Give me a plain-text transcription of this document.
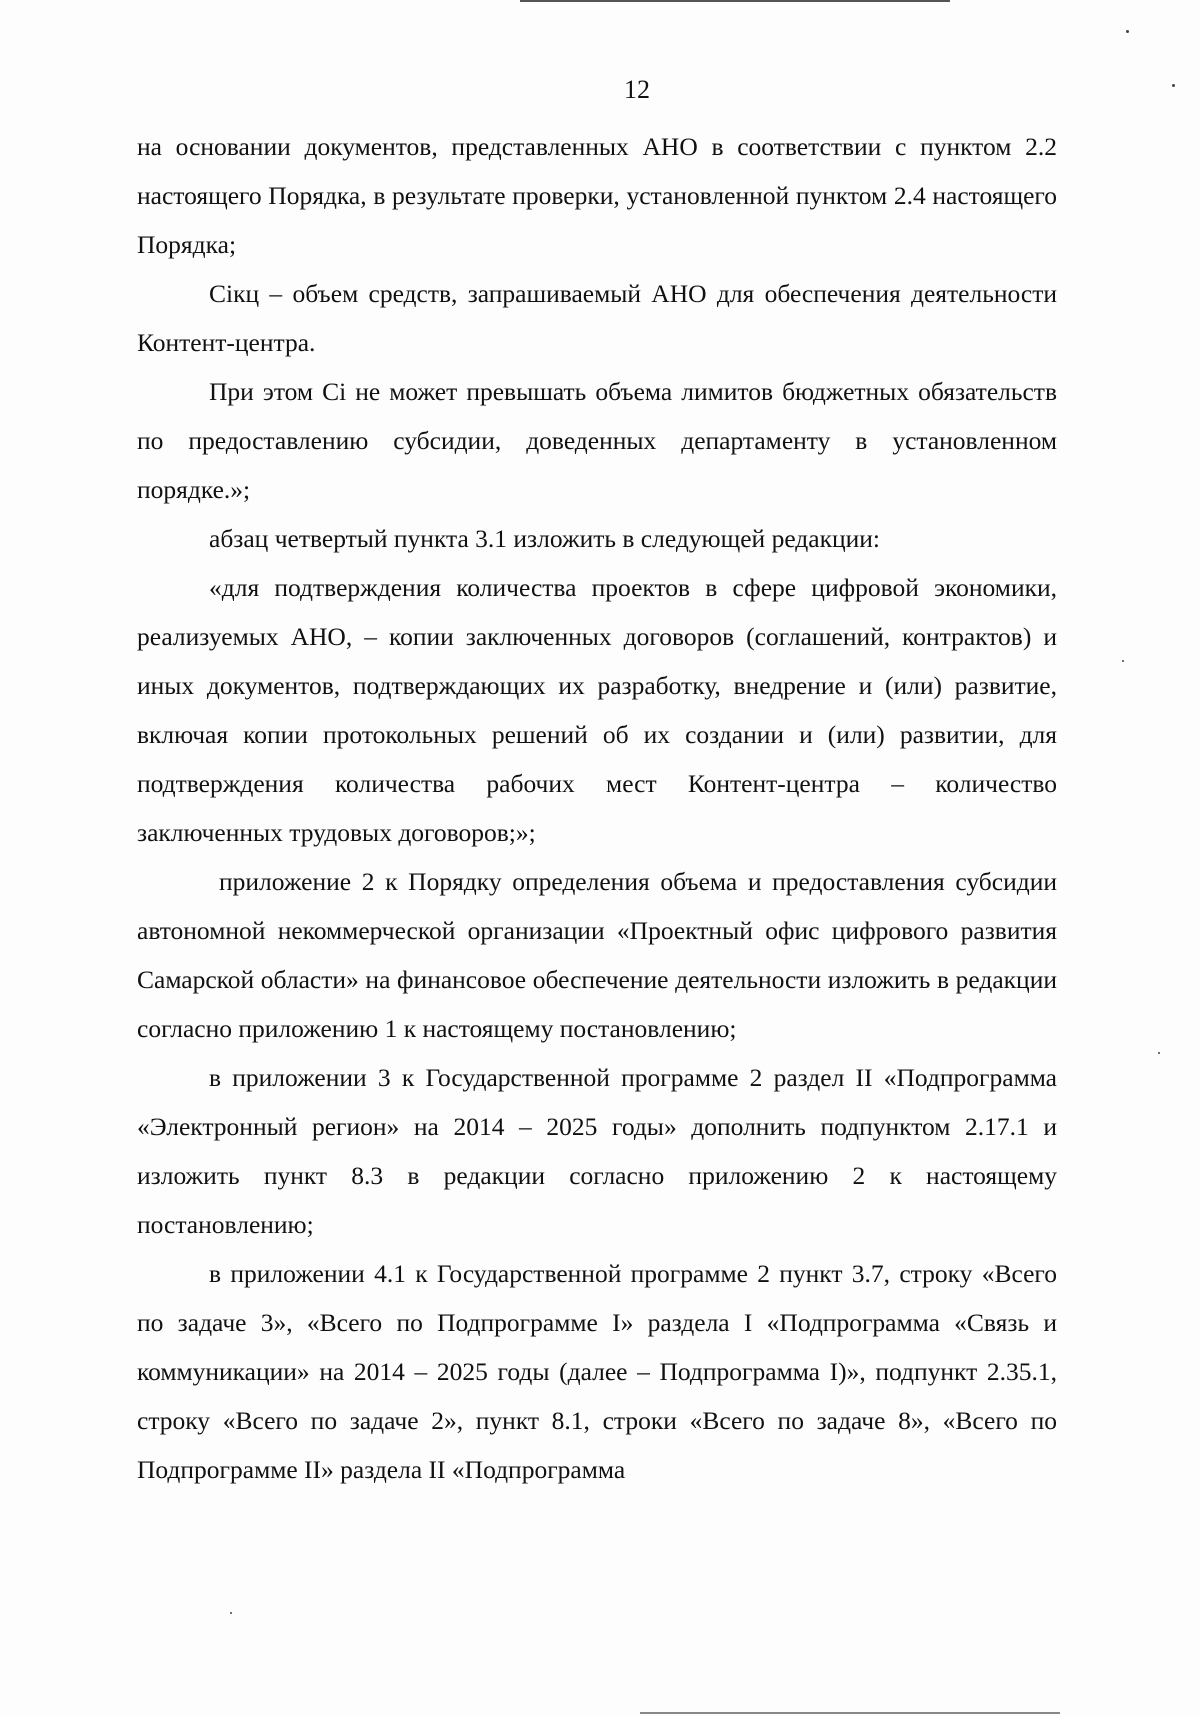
12

на основании документов, представленных АНО в соответствии с пунктом 2.2 настоящего Порядка, в результате проверки, установленной пунктом 2.4 настоящего Порядка;

Сікц – объем средств, запрашиваемый АНО для обеспечения деятельности Контент-центра.

При этом Сі не может превышать объема лимитов бюджетных обязательств по предоставлению субсидии, доведенных департаменту в установленном порядке.»;

абзац четвертый пункта 3.1 изложить в следующей редакции:

«для подтверждения количества проектов в сфере цифровой экономики, реализуемых АНО, – копии заключенных договоров (соглашений, контрактов) и иных документов, подтверждающих их разработку, внедрение и (или) развитие, включая копии протокольных решений об их создании и (или) развитии, для подтверждения количества рабочих мест Контент-центра – количество заключенных трудовых договоров;»;

приложение 2 к Порядку определения объема и предоставления субсидии автономной некоммерческой организации «Проектный офис цифрового развития Самарской области» на финансовое обеспечение деятельности изложить в редакции согласно приложению 1 к настоящему постановлению;

в приложении 3 к Государственной программе 2 раздел II «Подпрограмма «Электронный регион» на 2014 – 2025 годы» дополнить подпунктом 2.17.1 и изложить пункт 8.3 в редакции согласно приложению 2 к настоящему постановлению;

в приложении 4.1 к Государственной программе 2 пункт 3.7, строку «Всего по задаче 3», «Всего по Подпрограмме I» раздела I «Подпрограмма «Связь и коммуникации» на 2014 – 2025 годы (далее – Подпрограмма I)», подпункт 2.35.1, строку «Всего по задаче 2», пункт 8.1, строки «Всего по задаче 8», «Всего по Подпрограмме II» раздела II «Подпрограмма
